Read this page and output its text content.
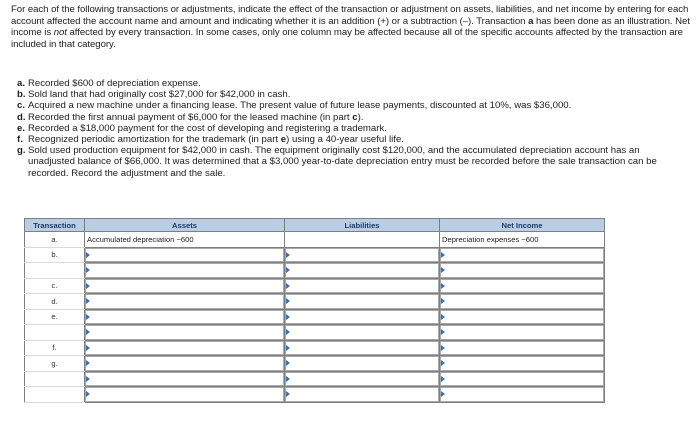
For each of the following transactions or adjustments, indicate the effect of the transaction or adjustment on assets, liabilities, and net income by entering for each account affected the account name and amount and indicating whether it is an addition (+) or a subtraction (–). Transaction a has been done as an illustration. Net income is not affected by every transaction. In some cases, only one column may be affected because all of the specific accounts affected by the transaction are included in that category.

a. Recorded $600 of depreciation expense.

b. Sold land that had originally cost $27,000 for $42,000 in cash.

c. Acquired a new machine under a financing lease. The present value of future lease payments, discounted at 10%, was $36,000.

d. Recorded the first annual payment of $6,000 for the leased machine (in part c).

e. Recorded a $18,000 payment for the cost of developing and registering a trademark.

f. Recognized periodic amortization for the trademark (in part e) using a 40-year useful life.

g. Sold used production equipment for $42,000 in cash. The equipment originally cost $120,000, and the accumulated depreciation account has an unadjusted balance of $66,000. It was determined that a $3,000 year-to-date depreciation entry must be recorded before the sale transaction can be recorded. Record the adjustment and the sale.

Transaction	Assets	Liabilities	Net Income
a.	Accumulated depreciation −600		Depreciation expenses −600
b.	

c.	

d.	

e.	

f.	

g.	
